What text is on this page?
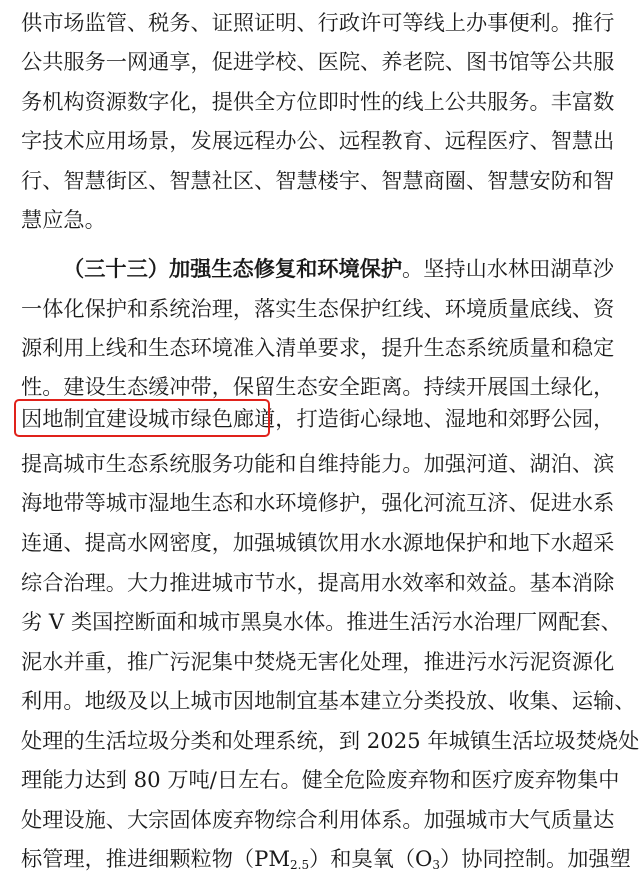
供市场监管、税务、证照证明、行政许可等线上办事便利。推行
公共服务一网通享，促进学校、医院、养老院、图书馆等公共服
务机构资源数字化，提供全方位即时性的线上公共服务。丰富数
字技术应用场景，发展远程办公、远程教育、远程医疗、智慧出
行、智慧街区、智慧社区、智慧楼宇、智慧商圈、智慧安防和智
慧应急。
（三十三）加强生态修复和环境保护。坚持山水林田湖草沙
一体化保护和系统治理，落实生态保护红线、环境质量底线、资
源利用上线和生态环境准入清单要求，提升生态系统质量和稳定
性。建设生态缓冲带，保留生态安全距离。持续开展国土绿化，
因地制宜建设城市绿色廊道，打造街心绿地、湿地和郊野公园，
提高城市生态系统服务功能和自维持能力。加强河道、湖泊、滨
海地带等城市湿地生态和水环境修护，强化河流互济、促进水系
连通、提高水网密度，加强城镇饮用水水源地保护和地下水超采
综合治理。大力推进城市节水，提高用水效率和效益。基本消除
劣 V 类国控断面和城市黑臭水体。推进生活污水治理厂网配套、
泥水并重，推广污泥集中焚烧无害化处理，推进污水污泥资源化
利用。地级及以上城市因地制宜基本建立分类投放、收集、运输、
处理的生活垃圾分类和处理系统，到 2025 年城镇生活垃圾焚烧处
理能力达到 80 万吨/日左右。健全危险废弃物和医疗废弃物集中
处理设施、大宗固体废弃物综合利用体系。加强城市大气质量达
标管理，推进细颗粒物$(PM_{2.5})$和臭氧$(O_3)$协同控制。加强塑
